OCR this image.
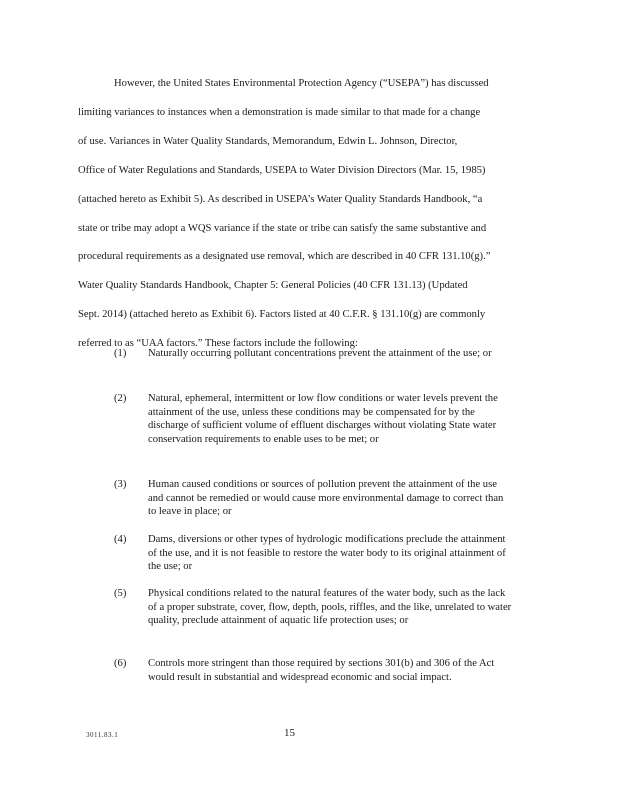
However, the United States Environmental Protection Agency (“USEPA”) has discussed
limiting variances to instances when a demonstration is made similar to that made for a change
of use. Variances in Water Quality Standards, Memorandum, Edwin L. Johnson, Director,
Office of Water Regulations and Standards, USEPA to Water Division Directors (Mar. 15, 1985)
(attached hereto as Exhibit 5). As described in USEPA’s Water Quality Standards Handbook, “a
state or tribe may adopt a WQS variance if the state or tribe can satisfy the same substantive and
procedural requirements as a designated use removal, which are described in 40 CFR 131.10(g).”
Water Quality Standards Handbook, Chapter 5: General Policies (40 CFR 131.13) (Updated
Sept. 2014) (attached hereto as Exhibit 6). Factors listed at 40 C.F.R. § 131.10(g) are commonly
referred to as “UAA factors.” These factors include the following:

(1)	Naturally occurring pollutant concentrations prevent the attainment of the use; or
(2)	Natural, ephemeral, intermittent or low flow conditions or water levels prevent the attainment of the use, unless these conditions may be compensated for by the discharge of sufficient volume of effluent discharges without violating State water conservation requirements to enable uses to be met; or
(3)	Human caused conditions or sources of pollution prevent the attainment of the use and cannot be remedied or would cause more environmental damage to correct than to leave in place; or
(4)	Dams, diversions or other types of hydrologic modifications preclude the attainment of the use, and it is not feasible to restore the water body to its original attainment of the use; or
(5)	Physical conditions related to the natural features of the water body, such as the lack of a proper substrate, cover, flow, depth, pools, riffles, and the like, unrelated to water quality, preclude attainment of aquatic life protection uses; or
(6)	Controls more stringent than those required by sections 301(b) and 306 of the Act would result in substantial and widespread economic and social impact.
3011.83.1	15
